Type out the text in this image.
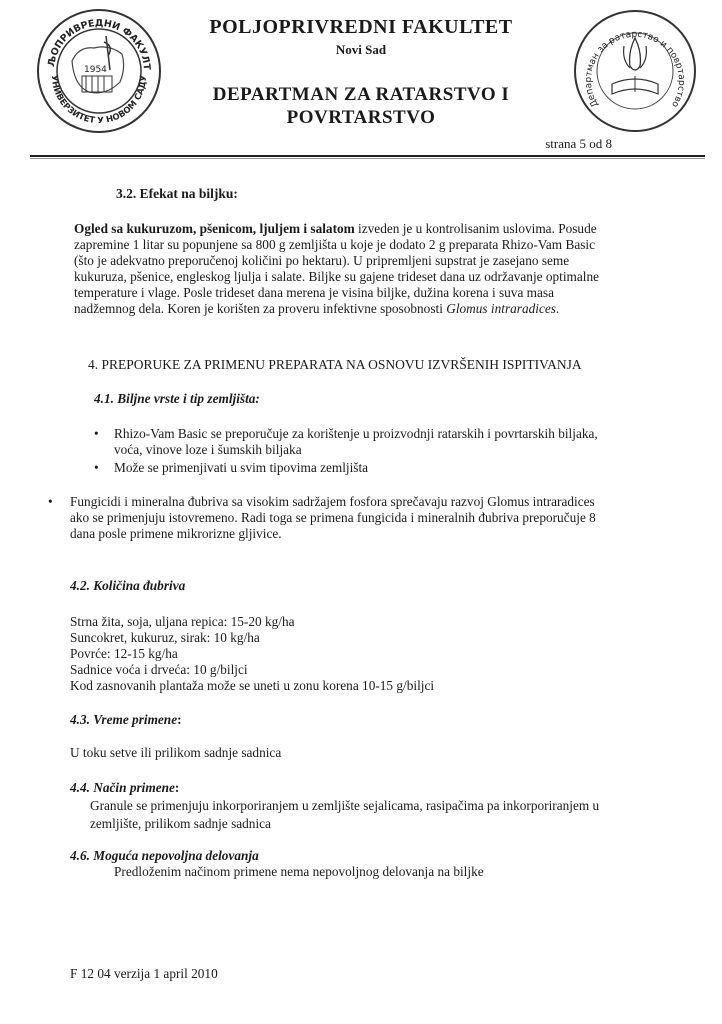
ЉОПРИВРЕДНИ ФАКУЛТ
УНИВЕРЗИТЕТ У НОВОМ САДУ
1954
Департман за ратарство и повртарство
POLJOPRIVREDNI FAKULTET
Novi Sad
DEPARTMAN ZA RATARSTVO I
POVRTARSTVO
strana 5 od 8
3.2. Efekat na biljku:
Ogled sa kukuruzom, pšenicom, ljuljem i salatom izveden je u kontrolisanim uslovima. Posude
zapremine 1 litar su popunjene sa 800 g zemljišta u koje je dodato 2 g preparata Rhizo-Vam Basic
(što je adekvatno preporučenoj količini po hektaru). U pripremljeni supstrat je zasejano seme
kukuruza, pšenice, engleskog ljulja i salate. Biljke su gajene trideset dana uz održavanje optimalne
temperature i vlage. Posle trideset dana merena je visina biljke, dužina korena i suva masa
nadžemnog dela. Koren je korišten za proveru infektivne sposobnosti Glomus intraradices.
4. PREPORUKE ZA PRIMENU PREPARATA NA OSNOVU IZVRŠENIH ISPITIVANJA
4.1. Biljne vrste i tip zemljišta:
• Rhizo-Vam Basic se preporučuje za korištenje u proizvodnji ratarskih i povrtarskih biljaka,
voća, vinove loze i šumskih biljaka
• Može se primenjivati u svim tipovima zemljišta
• Fungicidi i mineralna đubriva sa visokim sadržajem fosfora sprečavaju razvoj Glomus intraradices
ako se primenjuju istovremeno. Radi toga se primena fungicida i mineralnih đubriva preporučuje 8
dana posle primene mikrorizne gljivice.
4.2. Količina đubriva
Strna žita, soja, uljana repica: 15-20 kg/ha
Suncokret, kukuruz, sirak: 10 kg/ha
Povrće: 12-15 kg/ha
Sadnice voća i drveća: 10 g/biljci
Kod zasnovanih plantaža može se uneti u zonu korena 10-15 g/biljci
4.3. Vreme primene:
U toku setve ili prilikom sadnje sadnica
4.4. Način primene:
Granule se primenjuju inkorporiranjem u zemljište sejalicama, rasipačima pa inkorporiranjem u
zemljište, prilikom sadnje sadnica
4.6. Moguća nepovoljna delovanja
Predloženim načinom primene nema nepovoljnog delovanja na biljke
F 12 04 verzija 1 april 2010
